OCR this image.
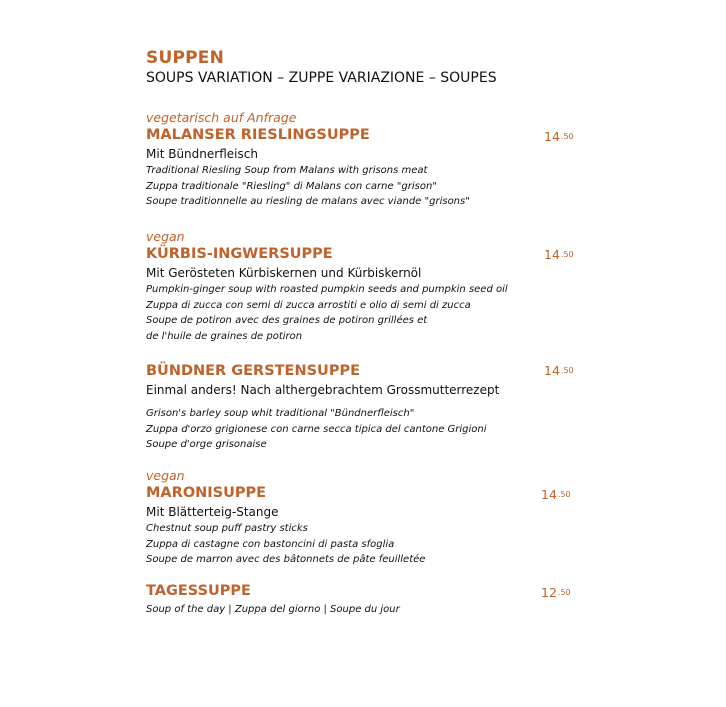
SUPPEN
SOUPS VARIATION – ZUPPE VARIAZIONE – SOUPES
vegetarisch auf Anfrage
MALANSER RIESLINGSUPPE
Mit Bündnerfleisch
Traditional Riesling Soup from Malans with grisons meat
Zuppa traditionale "Riesling" di Malans con carne "grison"
Soupe traditionnelle au riesling de malans avec viande "grisons"
14.50
vegan
KÜRBIS-INGWERSUPPE
Mit Gerösteten Kürbiskernen und Kürbiskernöl
Pumpkin-ginger soup with roasted pumpkin seeds and pumpkin seed oil
Zuppa di zucca con semi di zucca arrostiti e olio di semi di zucca
Soupe de potiron avec des graines de potiron grillées et
de l'huile de graines de potiron
14.50
BÜNDNER GERSTENSUPPE
Einmal anders! Nach althergebrachtem Grossmutterrezept
Grison's barley soup whit traditional "Bündnerfleisch"
Zuppa d'orzo grigionese con carne secca tipica del cantone Grigioni
Soupe d'orge grisonaise
14.50
vegan
MARONISUPPE
Mit Blätterteig-Stange
Chestnut soup puff pastry sticks
Zuppa di castagne con bastoncini di pasta sfoglia
Soupe de marron avec des bâtonnets de pâte feuilletée
14.50
TAGESSUPPE
Soup of the day | Zuppa del giorno | Soupe du jour
12.50
